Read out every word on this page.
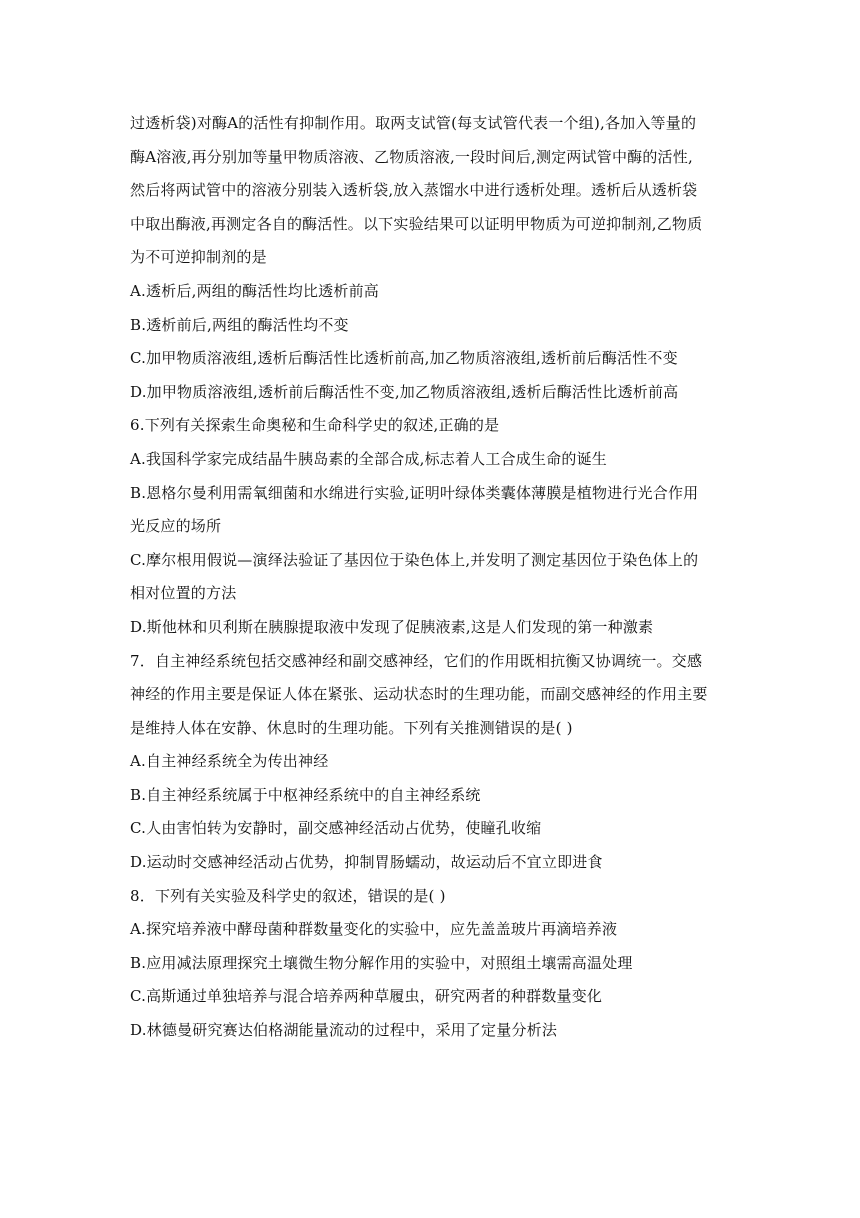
过透析袋)对酶A的活性有抑制作用。取两支试管(每支试管代表一个组),各加入等量的
酶A溶液,再分别加等量甲物质溶液、乙物质溶液,一段时间后,测定两试管中酶的活性,
然后将两试管中的溶液分别装入透析袋,放入蒸馏水中进行透析处理。透析后从透析袋
中取出酶液,再测定各自的酶活性。以下实验结果可以证明甲物质为可逆抑制剂,乙物质
为不可逆抑制剂的是
A.透析后,两组的酶活性均比透析前高
B.透析前后,两组的酶活性均不变
C.加甲物质溶液组,透析后酶活性比透析前高,加乙物质溶液组,透析前后酶活性不变
D.加甲物质溶液组,透析前后酶活性不变,加乙物质溶液组,透析后酶活性比透析前高
6.下列有关探索生命奥秘和生命科学史的叙述,正确的是
A.我国科学家完成结晶牛胰岛素的全部合成,标志着人工合成生命的诞生
B.恩格尔曼利用需氧细菌和水绵进行实验,证明叶绿体类囊体薄膜是植物进行光合作用
光反应的场所
C.摩尔根用假说—演绎法验证了基因位于染色体上,并发明了测定基因位于染色体上的
相对位置的方法
D.斯他林和贝利斯在胰腺提取液中发现了促胰液素,这是人们发现的第一种激素
7．自主神经系统包括交感神经和副交感神经，它们的作用既相抗衡又协调统一。交感
神经的作用主要是保证人体在紧张、运动状态时的生理功能，而副交感神经的作用主要
是维持人体在安静、休息时的生理功能。下列有关推测错误的是( )
A.自主神经系统全为传出神经
B.自主神经系统属于中枢神经系统中的自主神经系统
C.人由害怕转为安静时，副交感神经活动占优势，使瞳孔收缩
D.运动时交感神经活动占优势，抑制胃肠蠕动，故运动后不宜立即进食
8．下列有关实验及科学史的叙述，错误的是( )
A.探究培养液中酵母菌种群数量变化的实验中，应先盖盖玻片再滴培养液
B.应用减法原理探究土壤微生物分解作用的实验中，对照组土壤需高温处理
C.高斯通过单独培养与混合培养两种草履虫，研究两者的种群数量变化
D.林德曼研究赛达伯格湖能量流动的过程中，采用了定量分析法
